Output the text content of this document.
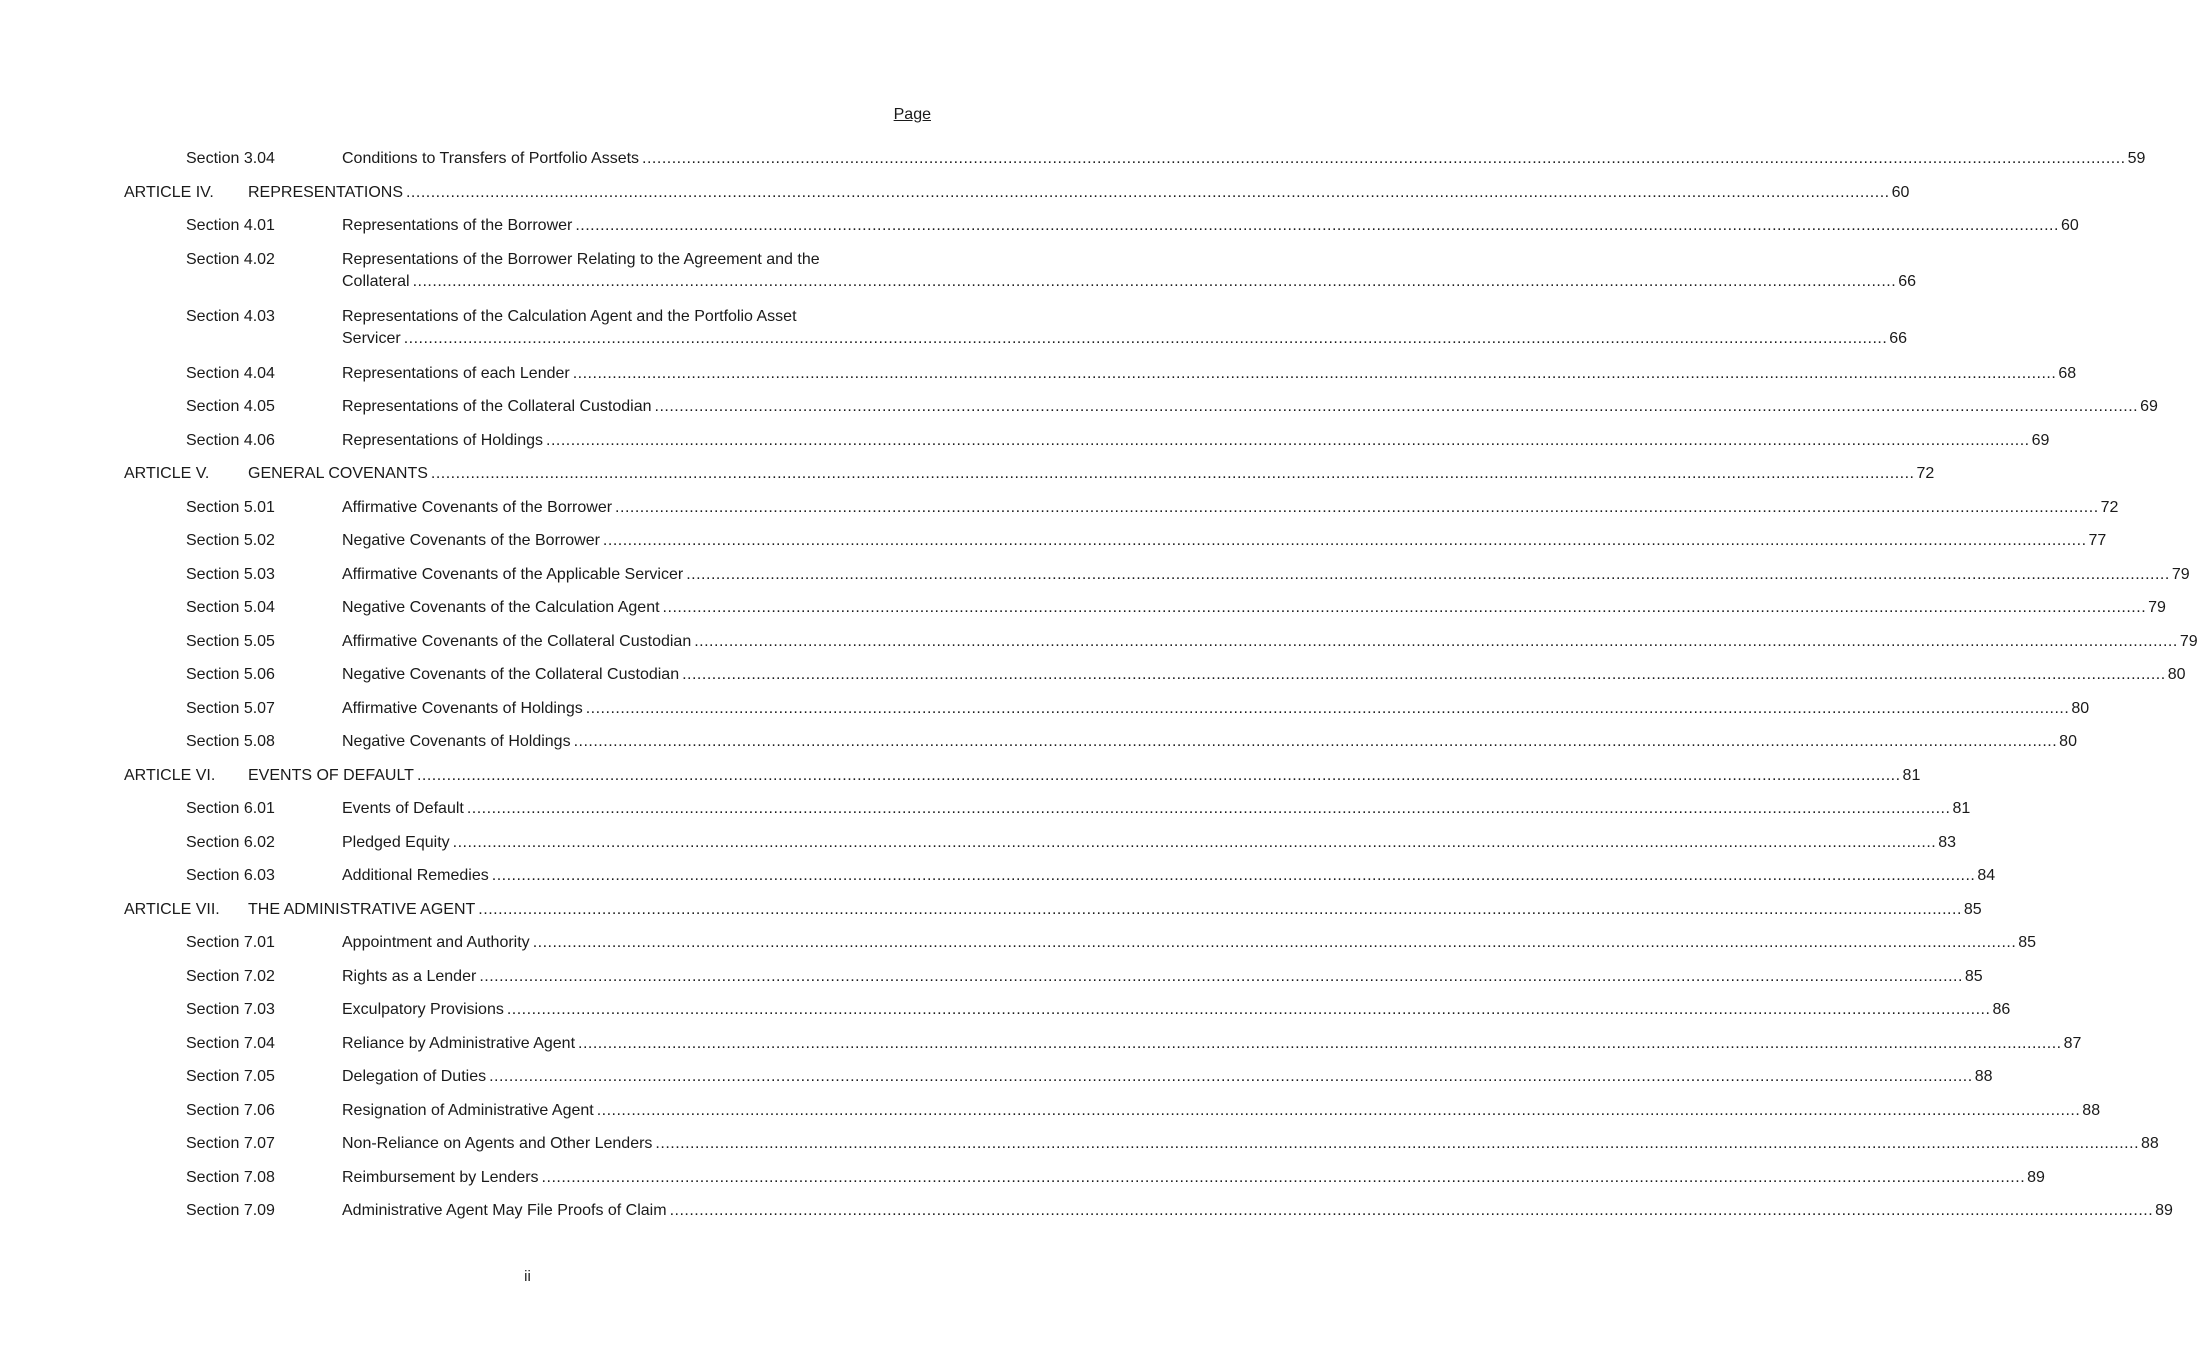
Page
Section 3.04	Conditions to Transfers of Portfolio Assets ............................................................................................................................................................................................................................................................................................................ 59
ARTICLE IV. REPRESENTATIONS ............................................................................................................................................................................................................................................................................................................ 60
Section 4.01	Representations of the Borrower ............................................................................................................................................................................................................................................................................................................ 60
Section 4.02	Representations of the Borrower Relating to the Agreement and the
Collateral ............................................................................................................................................................................................................................................................................................................ 66
Section 4.03	Representations of the Calculation Agent and the Portfolio Asset
Servicer ............................................................................................................................................................................................................................................................................................................ 66
Section 4.04	Representations of each Lender ............................................................................................................................................................................................................................................................................................................ 68
Section 4.05	Representations of the Collateral Custodian ............................................................................................................................................................................................................................................................................................................ 69
Section 4.06	Representations of Holdings ............................................................................................................................................................................................................................................................................................................ 69
ARTICLE V. GENERAL COVENANTS ............................................................................................................................................................................................................................................................................................................ 72
Section 5.01	Affirmative Covenants of the Borrower ............................................................................................................................................................................................................................................................................................................ 72
Section 5.02	Negative Covenants of the Borrower ............................................................................................................................................................................................................................................................................................................ 77
Section 5.03	Affirmative Covenants of the Applicable Servicer ............................................................................................................................................................................................................................................................................................................ 79
Section 5.04	Negative Covenants of the Calculation Agent ............................................................................................................................................................................................................................................................................................................ 79
Section 5.05	Affirmative Covenants of the Collateral Custodian ............................................................................................................................................................................................................................................................................................................ 79
Section 5.06	Negative Covenants of the Collateral Custodian ............................................................................................................................................................................................................................................................................................................ 80
Section 5.07	Affirmative Covenants of Holdings ............................................................................................................................................................................................................................................................................................................ 80
Section 5.08	Negative Covenants of Holdings ............................................................................................................................................................................................................................................................................................................ 80
ARTICLE VI. EVENTS OF DEFAULT ............................................................................................................................................................................................................................................................................................................ 81
Section 6.01	Events of Default ............................................................................................................................................................................................................................................................................................................ 81
Section 6.02	Pledged Equity ............................................................................................................................................................................................................................................................................................................ 83
Section 6.03	Additional Remedies ............................................................................................................................................................................................................................................................................................................ 84
ARTICLE VII. THE ADMINISTRATIVE AGENT ............................................................................................................................................................................................................................................................................................................ 85
Section 7.01	Appointment and Authority ............................................................................................................................................................................................................................................................................................................ 85
Section 7.02	Rights as a Lender ............................................................................................................................................................................................................................................................................................................ 85
Section 7.03	Exculpatory Provisions ............................................................................................................................................................................................................................................................................................................ 86
Section 7.04	Reliance by Administrative Agent ............................................................................................................................................................................................................................................................................................................ 87
Section 7.05	Delegation of Duties ............................................................................................................................................................................................................................................................................................................ 88
Section 7.06	Resignation of Administrative Agent ............................................................................................................................................................................................................................................................................................................ 88
Section 7.07	Non-Reliance on Agents and Other Lenders ............................................................................................................................................................................................................................................................................................................ 88
Section 7.08	Reimbursement by Lenders ............................................................................................................................................................................................................................................................................................................ 89
Section 7.09	Administrative Agent May File Proofs of Claim ............................................................................................................................................................................................................................................................................................................ 89
ii
